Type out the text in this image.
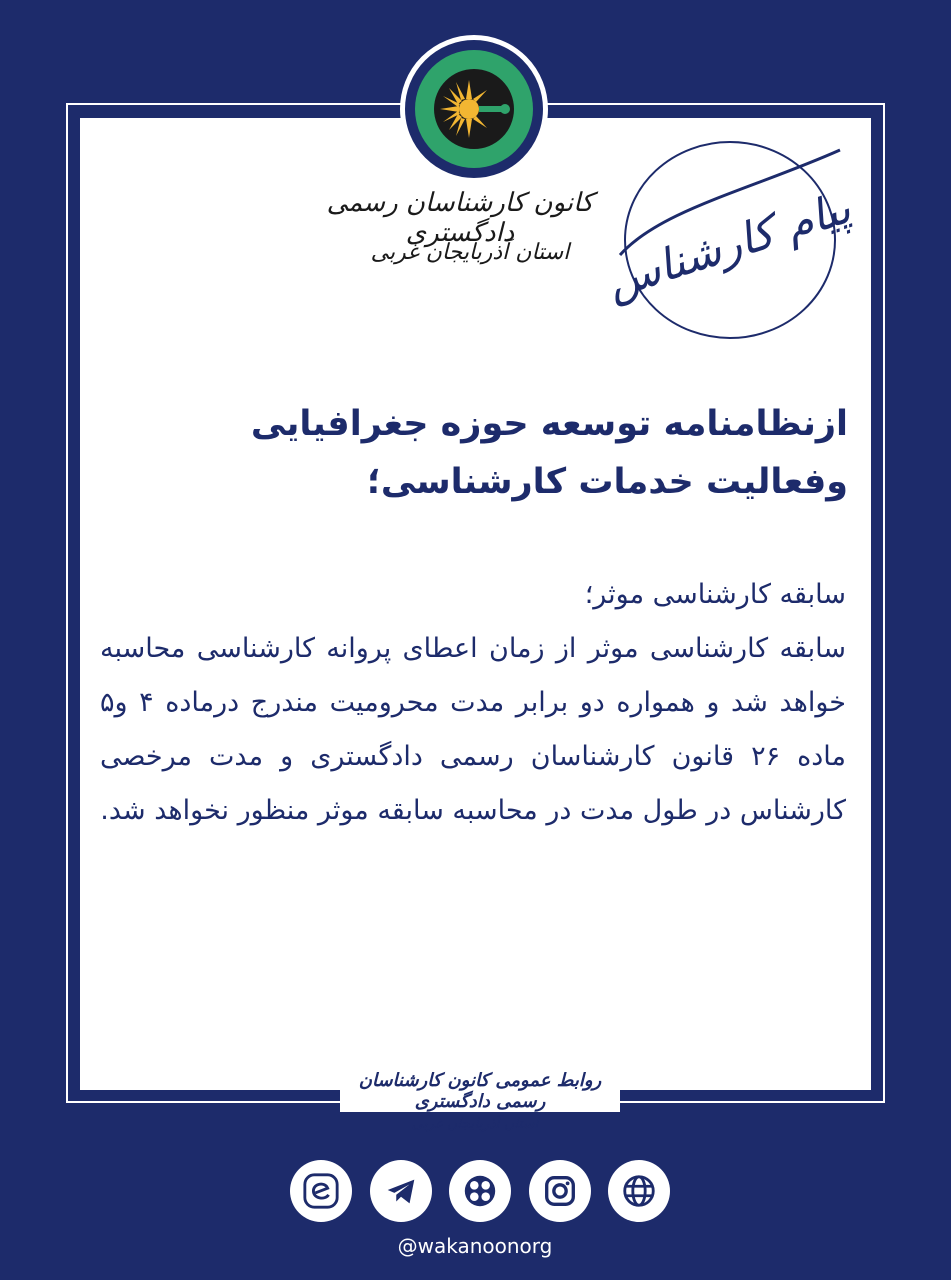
پیام کارشناس
کانون کارشناسان رسمی دادگستری
استان آذربایجان غربی
ازنظامنامه توسعه حوزه جغرافیایی وفعالیت خدمات کارشناسی؛
سابقه کارشناسی موثر؛
سابقه کارشناسی موثر از زمان اعطای پروانه کارشناسی محاسبه خواهد شد و همواره دو برابر مدت محرومیت مندرج درماده ۴ و۵ ماده ۲۶ قانون کارشناسان رسمی دادگستری و مدت مرخصی کارشناس در طول مدت در محاسبه سابقه موثر منظور نخواهد شد.
روابط عمومی کانون کارشناسان رسمی دادگستری
استان آذربایجان غربی
@wakanoonorg
